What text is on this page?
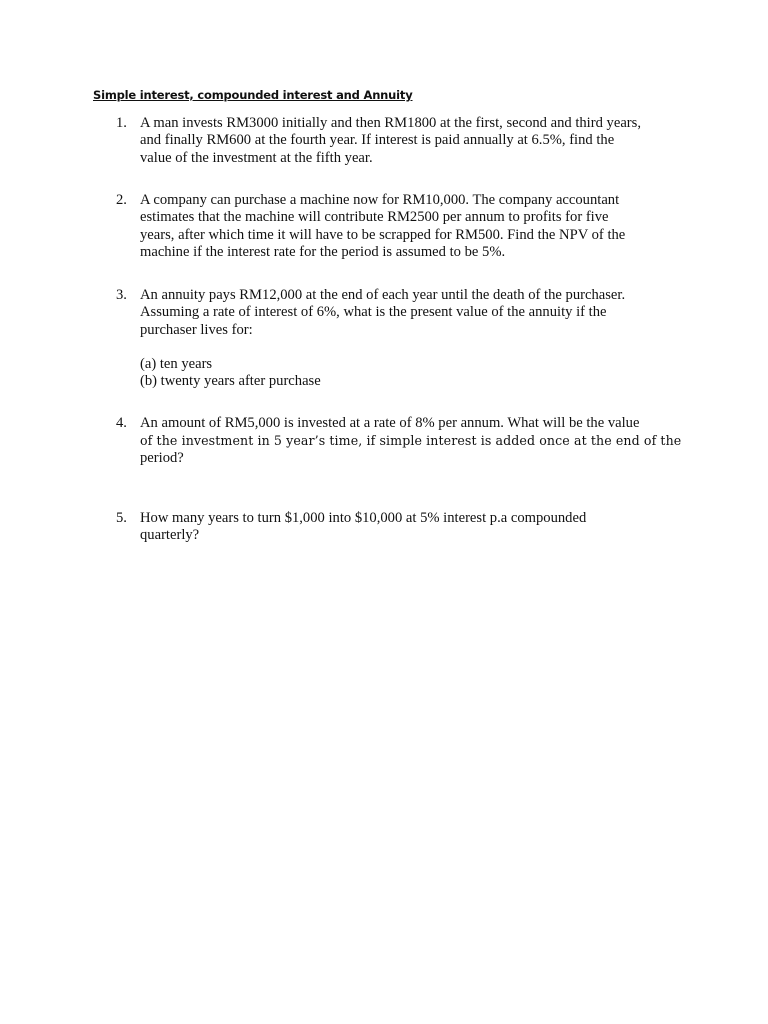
Simple interest, compounded interest and Annuity
1. A man invests RM3000 initially and then RM1800 at the first, second and third years,
and finally RM600 at the fourth year. If interest is paid annually at 6.5%, find the
value of the investment at the fifth year.
2. A company can purchase a machine now for RM10,000. The company accountant
estimates that the machine will contribute RM2500 per annum to profits for five
years, after which time it will have to be scrapped for RM500. Find the NPV of the
machine if the interest rate for the period is assumed to be 5%.
3. An annuity pays RM12,000 at the end of each year until the death of the purchaser.
Assuming a rate of interest of 6%, what is the present value of the annuity if the
purchaser lives for:
(a) ten years
(b) twenty years after purchase
4. An amount of RM5,000 is invested at a rate of 8% per annum. What will be the value
of the investment in 5 year’s time, if simple interest is added once at the end of the
period?
5. How many years to turn $1,000 into $10,000 at 5% interest p.a compounded
quarterly?
